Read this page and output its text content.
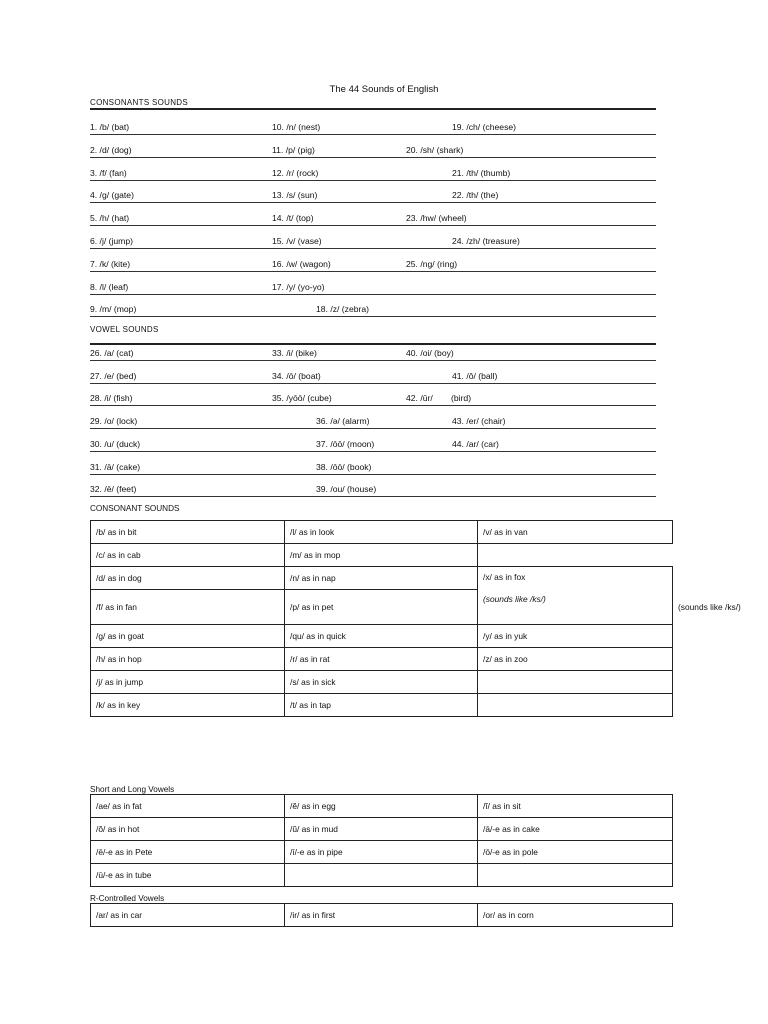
The 44 Sounds of English
CONSONANTS SOUNDS
1. /b/ (bat)	10. /n/ (nest)	19. /ch/ (cheese)
2. /d/ (dog)	11. /p/ (pig)	20. /sh/ (shark)
3. /f/ (fan)	12. /r/ (rock)	21. /th/ (thumb)
4. /g/ (gate)	13. /s/ (sun)	22. /th/ (the)
5. /h/ (hat)	14. /t/ (top)	23. /hw/ (wheel)
6. /j/ (jump)	15. /v/ (vase)	24. /zh/ (treasure)
7. /k/ (kite)	16. /w/ (wagon)	25. /ng/ (ring)
8. /l/ (leaf)	17. /y/ (yo-yo)
9. /m/ (mop)	18. /z/ (zebra)
VOWEL SOUNDS
26. /a/ (cat)	33. /i/ (bike)	40. /oi/ (boy)
27. /e/ (bed)	34. /ō/ (boat)	41. /ô/ (ball)
28. /i/ (fish)	35. /yōō/ (cube)	42. /ûr/ (bird)
29. /o/ (lock)	36. /ə/ (alarm)	43. /er/ (chair)
30. /u/ (duck)	37. /ōō/ (moon)	44. /ar/ (car)
31. /ā/ (cake)	38. /ōō/ (book)
32. /ē/ (feet)	39. /ou/ (house)
CONSONANT SOUNDS
/b/ as in bit	/l/ as in look	/v/ as in van	
/c/ as in cab	/m/ as in mop		
/d/ as in dog	/n/ as in nap	/x/ as in fox
(sounds like /ks/)	

/f/ as in fan	/p/ as in pet		(sounds like /ks/)
/g/ as in goat	/qu/ as in quick	/y/ as in yuk	
/h/ as in hop	/r/ as in rat	/z/ as in zoo	
/j/ as in jump	/s/ as in sick		
/k/ as in key	/t/ as in tap		
Short and Long Vowels
/ae/ as in fat	/ĕ/ as in egg	/ĭ/ as in sit
/ŏ/ as in hot	/ŭ/ as in mud	/ā/-e as in cake
/ē/-e as in Pete	/ī/-e as in pipe	/ō/-e as in pole
/ū/-e as in tube		
R-Controlled Vowels
/ar/ as in car	/ir/ as in first	/or/ as in corn
